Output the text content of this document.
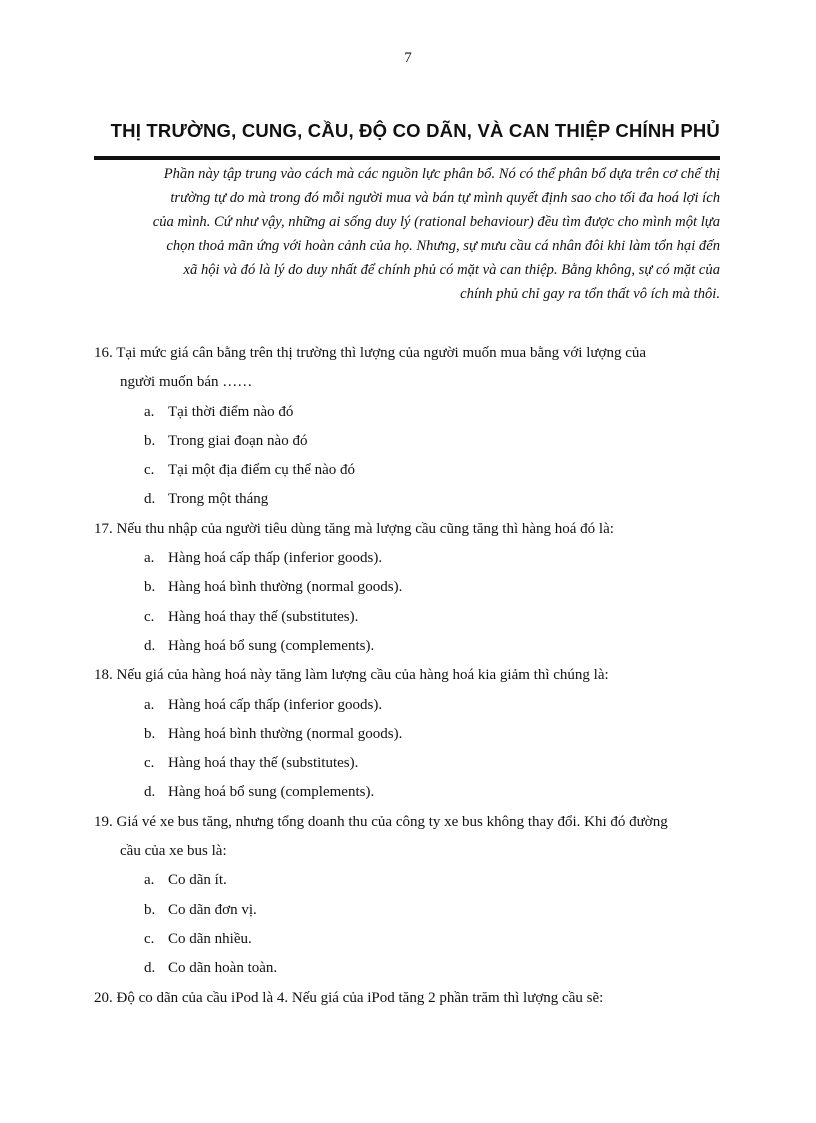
7
THỊ TRƯỜNG, CUNG, CẦU, ĐỘ CO DÃN, VÀ CAN THIỆP CHÍNH PHỦ
Phần này tập trung vào cách mà các nguồn lực phân bổ. Nó có thể phân bổ dựa trên cơ chế thị
trường tự do mà trong đó mỗi người mua và bán tự mình quyết định sao cho tối đa hoá lợi ích
của mình. Cứ như vậy, những ai sống duy lý (rational behaviour) đều tìm được cho mình một lựa
chọn thoả mãn ứng với hoàn cảnh của họ. Nhưng, sự mưu cầu cá nhân đôi khi làm tổn hại đến
xã hội và đó là lý do duy nhất để chính phủ có mặt và can thiệp. Bằng không, sự có mặt của
chính phủ chỉ gay ra tổn thất vô ích mà thôi.
16. Tại mức giá cân bằng trên thị trường thì lượng của người muốn mua bằng với lượng của
người muốn bán ……
a. Tại thời điểm nào đó
b. Trong giai đoạn nào đó
c. Tại một địa điểm cụ thể nào đó
d. Trong một tháng
17. Nếu thu nhập của người tiêu dùng tăng mà lượng cầu cũng tăng thì hàng hoá đó là:
a. Hàng hoá cấp thấp (inferior goods).
b. Hàng hoá bình thường (normal goods).
c. Hàng hoá thay thế (substitutes).
d. Hàng hoá bổ sung (complements).
18. Nếu giá của hàng hoá này tăng làm lượng cầu của hàng hoá kia giảm thì chúng là:
a. Hàng hoá cấp thấp (inferior goods).
b. Hàng hoá bình thường (normal goods).
c. Hàng hoá thay thế (substitutes).
d. Hàng hoá bổ sung (complements).
19. Giá vé xe bus tăng, nhưng tổng doanh thu của công ty xe bus không thay đổi. Khi đó đường
cầu của xe bus là:
a. Co dãn ít.
b. Co dãn đơn vị.
c. Co dãn nhiều.
d. Co dãn hoàn toàn.
20. Độ co dãn của cầu iPod là 4. Nếu giá của iPod tăng 2 phần trăm thì lượng cầu sẽ:
